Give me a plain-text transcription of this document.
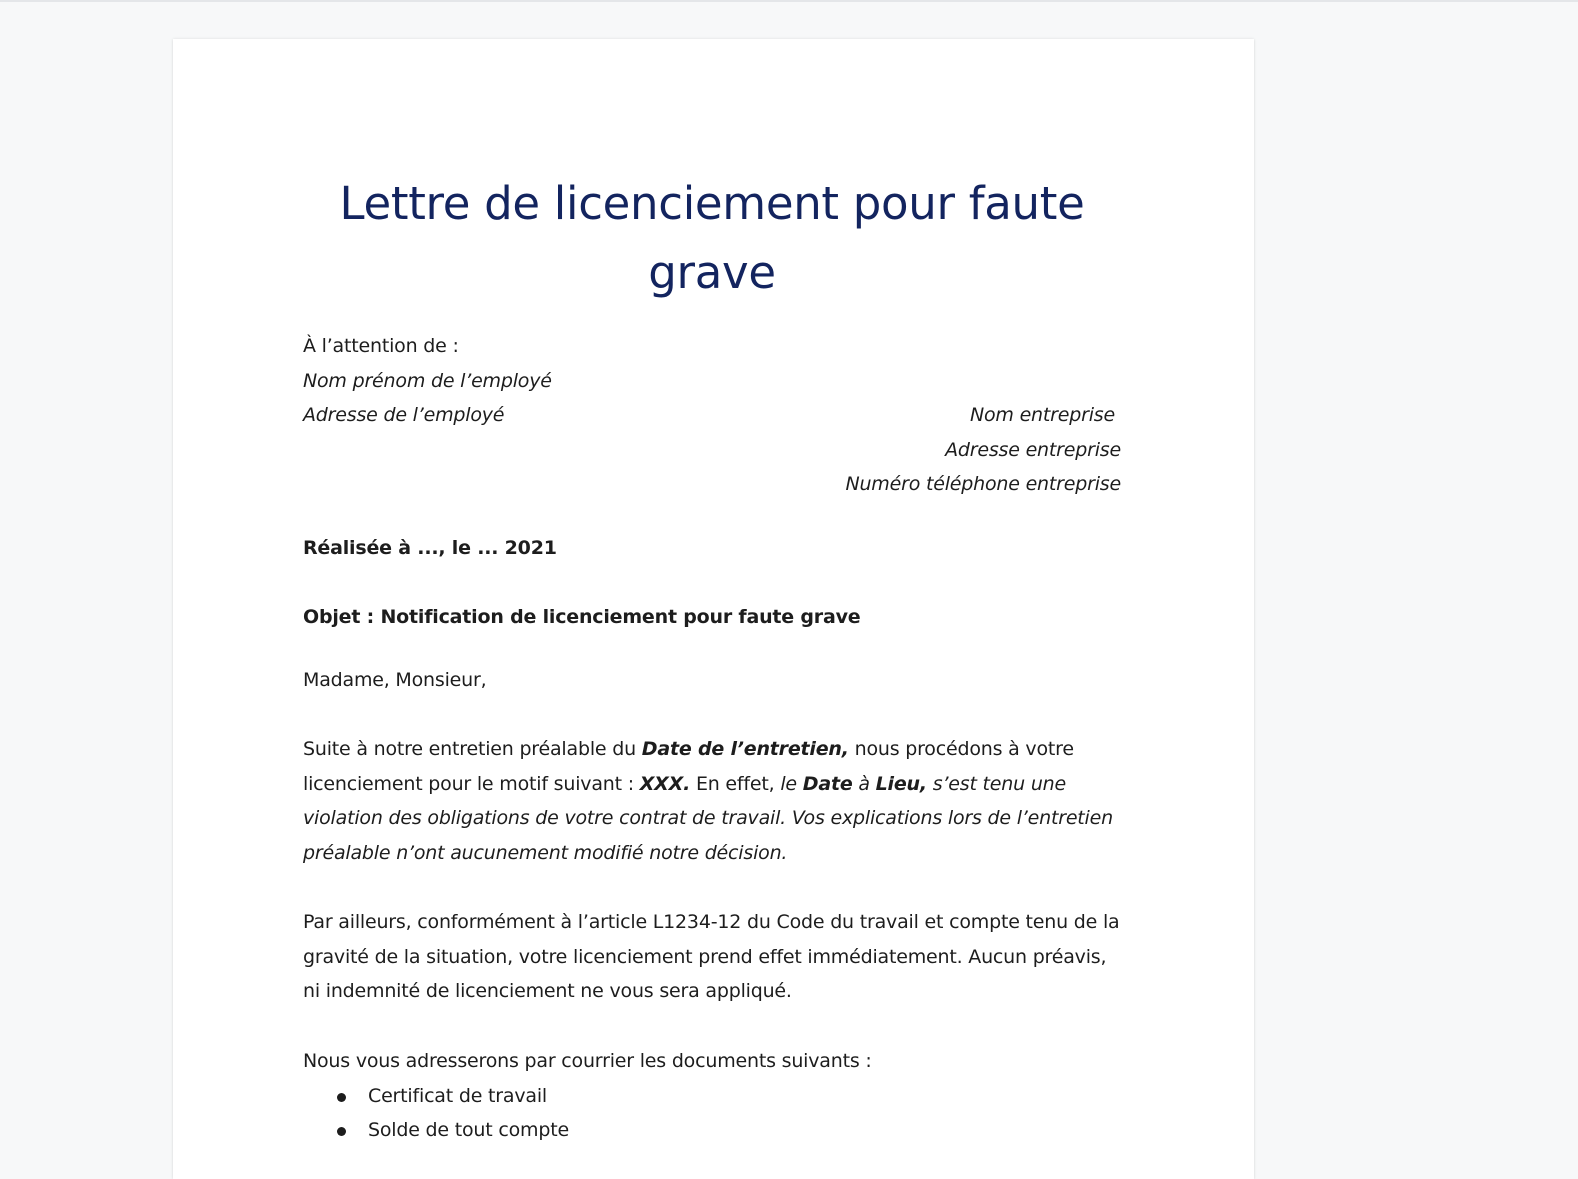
Lettre de licenciement pour faute grave
À l’attention de :
Nom prénom de l’employé
Adresse de l’employé	Nom entreprise
Adresse entreprise
Numéro téléphone entreprise
Réalisée à ..., le ... 2021
Objet : Notification de licenciement pour faute grave
Madame, Monsieur,
Suite à notre entretien préalable du Date de l’entretien, nous procédons à votre licenciement pour le motif suivant : XXX. En effet, le Date à Lieu, s’est tenu une violation des obligations de votre contrat de travail. Vos explications lors de l’entretien préalable n’ont aucunement modifié notre décision.
Par ailleurs, conformément à l’article L1234-12 du Code du travail et compte tenu de la gravité de la situation, votre licenciement prend effet immédiatement. Aucun préavis, ni indemnité de licenciement ne vous sera appliqué.
Nous vous adresserons par courrier les documents suivants :
Certificat de travail
Solde de tout compte
